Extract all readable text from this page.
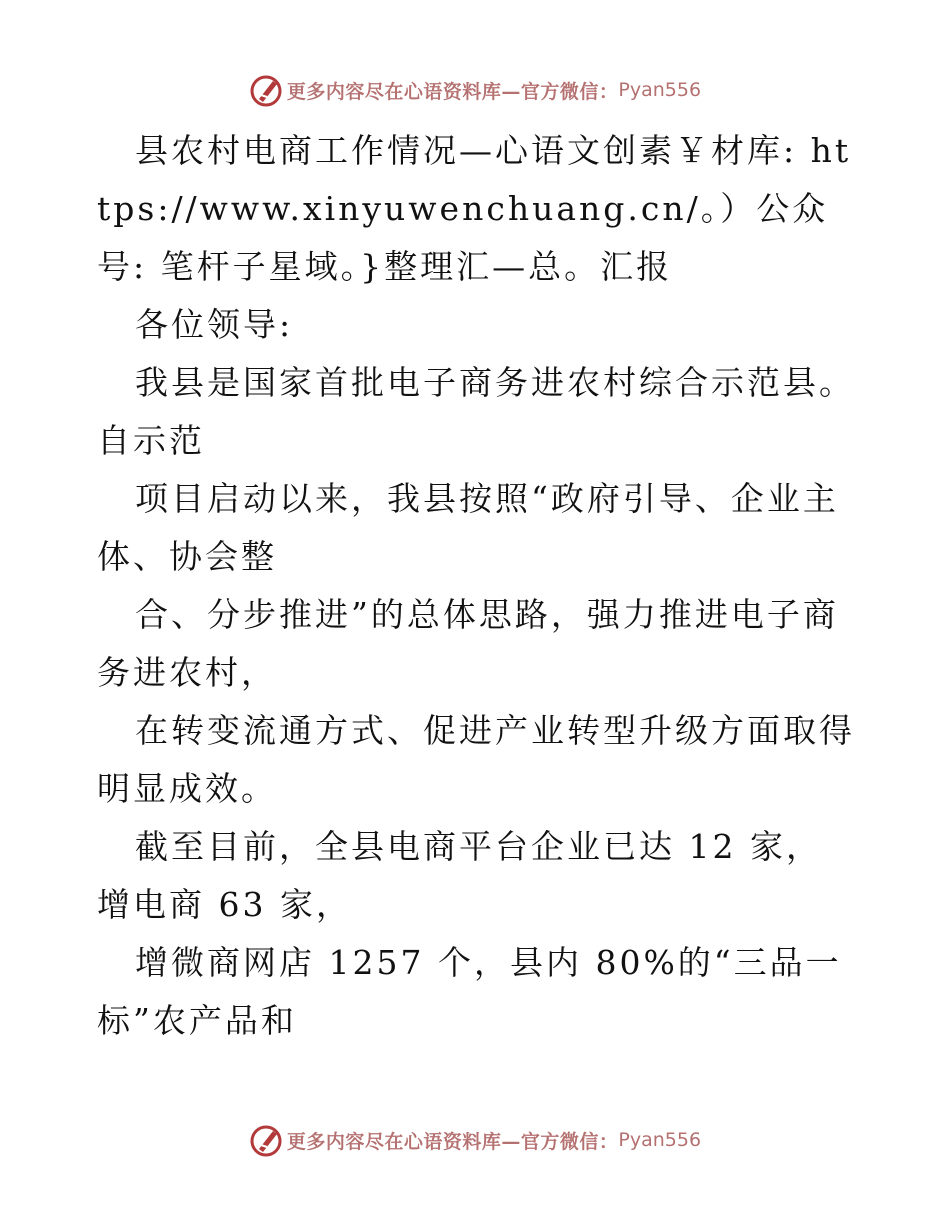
更多内容尽在心语资料库—官方微信： Pyan556

县农村电商工作情况—心语文创素￥材库: https://www.xinyuwenchuang.cn/。）公众号: 笔杆子星域。}整理汇—总。汇报

各位领导:

我县是国家首批电子商务进农村综合示范县。自示范

项目启动以来，我县按照“政府引导、企业主体、协会整

合、分步推进”的总体思路，强力推进电子商务进农村，

在转变流通方式、促进产业转型升级方面取得明显成效。

截至目前，全县电商平台企业已达 12 家，增电商 63 家，

增微商网店 1257 个，县内 80%的“三品一标”农产品和

更多内容尽在心语资料库—官方微信： Pyan556
